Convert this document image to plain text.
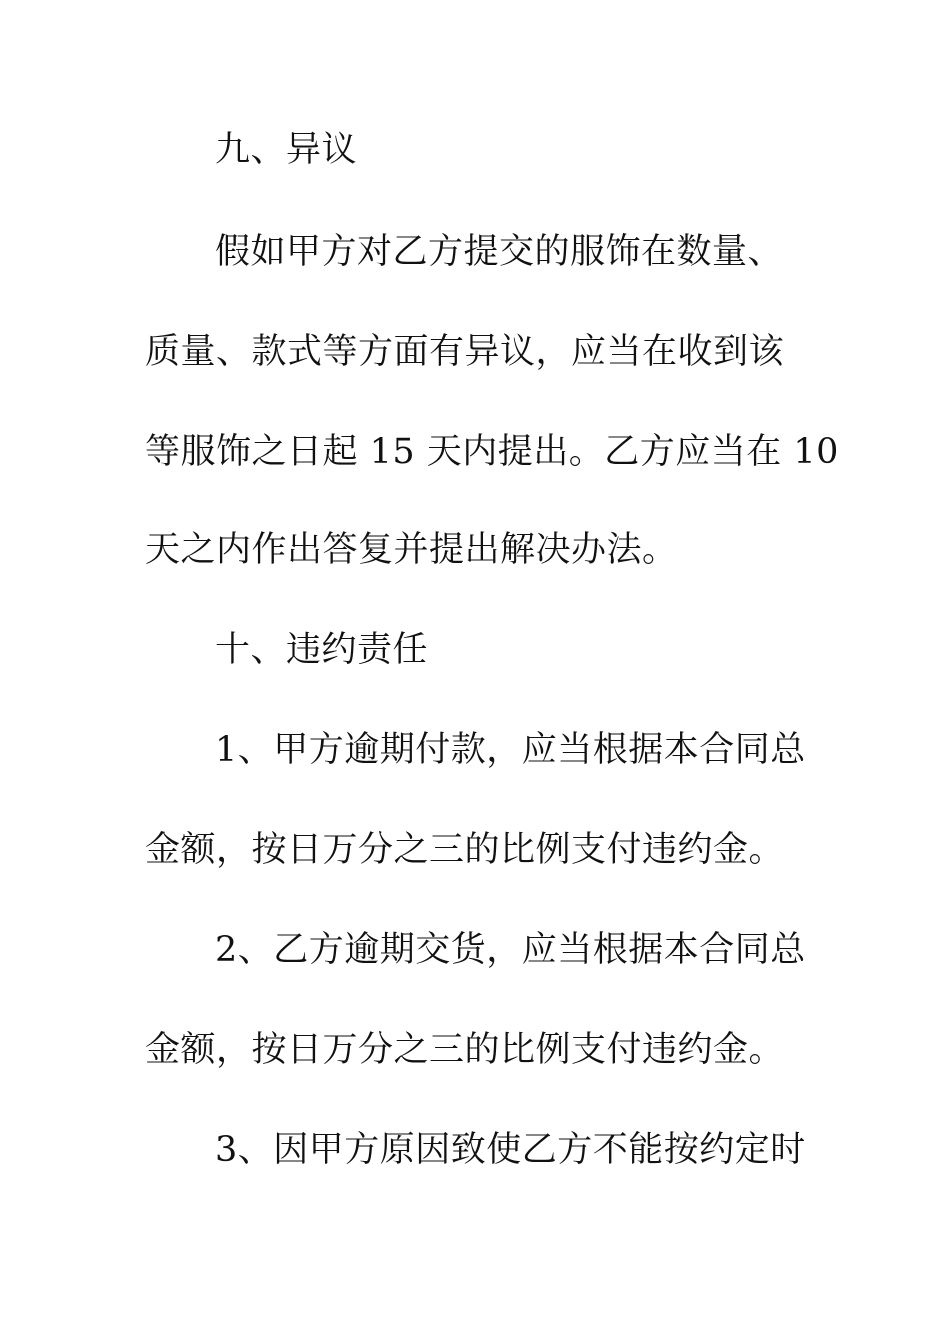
九、异议
假如甲方对乙方提交的服饰在数量、
质量、款式等方面有异议，应当在收到该
等服饰之日起 15 天内提出。乙方应当在 10
天之内作出答复并提出解决办法。
十、违约责任
1、甲方逾期付款，应当根据本合同总
金额，按日万分之三的比例支付违约金。
2、乙方逾期交货，应当根据本合同总
金额，按日万分之三的比例支付违约金。
3、因甲方原因致使乙方不能按约定时
